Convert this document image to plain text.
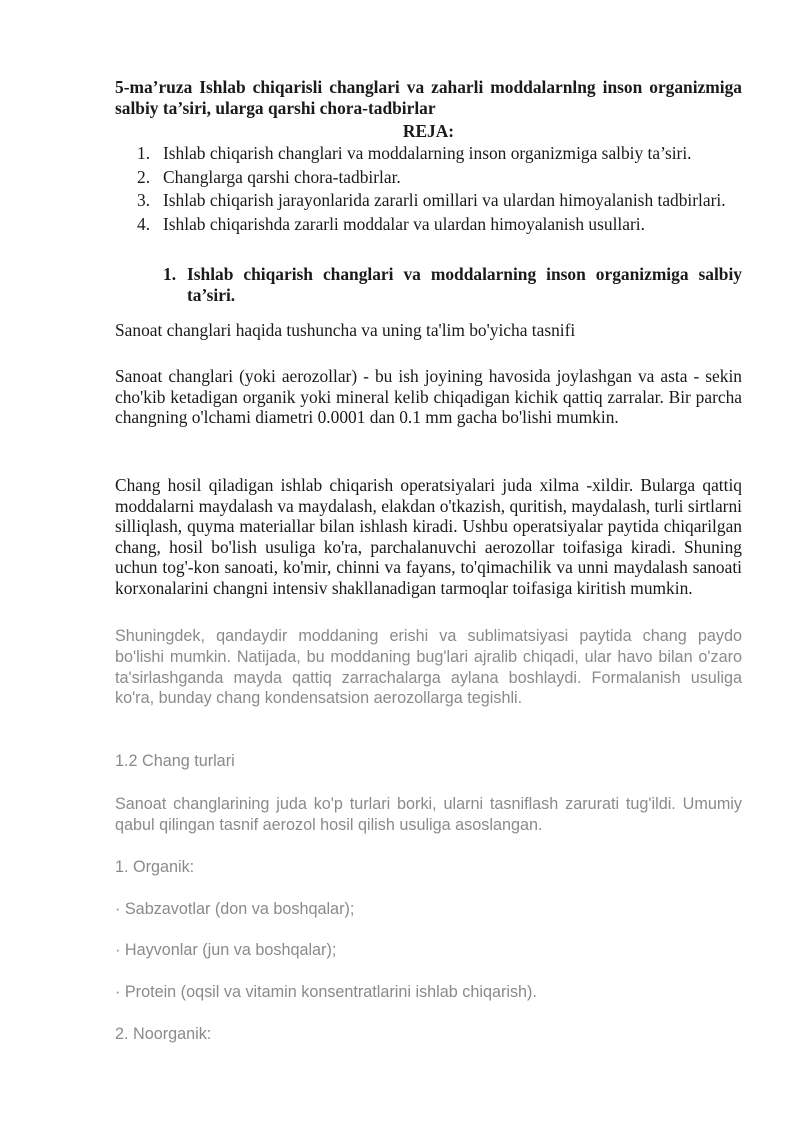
5-ma’ruza Ishlab chiqarisli changlari va zaharli moddalarnlng inson organizmiga salbiy ta’siri, ularga qarshi chora-tadbirlar

REJA:

1. Ishlab chiqarish changlari va moddalarning inson organizmiga salbiy ta’siri.
2. Changlarga qarshi chora-tadbirlar.
3. Ishlab chiqarish jarayonlarida zararli omillari va ulardan himoyalanish tadbirlari.
4. Ishlab chiqarishda zararli moddalar va ulardan himoyalanish usullari.

1. Ishlab chiqarish changlari va moddalarning inson organizmiga salbiy ta’siri.

Sanoat changlari haqida tushuncha va uning ta'lim bo'yicha tasnifi

Sanoat changlari (yoki aerozollar) - bu ish joyining havosida joylashgan va asta - sekin cho'kib ketadigan organik yoki mineral kelib chiqadigan kichik qattiq zarralar. Bir parcha changning o'lchami diametri 0.0001 dan 0.1 mm gacha bo'lishi mumkin.

Chang hosil qiladigan ishlab chiqarish operatsiyalari juda xilma -xildir. Bularga qattiq moddalarni maydalash va maydalash, elakdan o'tkazish, quritish, maydalash, turli sirtlarni silliqlash, quyma materiallar bilan ishlash kiradi. Ushbu operatsiyalar paytida chiqarilgan chang, hosil bo'lish usuliga ko'ra, parchalanuvchi aerozollar toifasiga kiradi. Shuning uchun tog'-kon sanoati, ko'mir, chinni va fayans, to'qimachilik va unni maydalash sanoati korxonalarini changni intensiv shakllanadigan tarmoqlar toifasiga kiritish mumkin.

Shuningdek, qandaydir moddaning erishi va sublimatsiyasi paytida chang paydo bo'lishi mumkin. Natijada, bu moddaning bug'lari ajralib chiqadi, ular havo bilan o'zaro ta'sirlashganda mayda qattiq zarrachalarga aylana boshlaydi. Formalanish usuliga ko'ra, bunday chang kondensatsion aerozollarga tegishli.

1.2 Chang turlari

Sanoat changlarining juda ko'p turlari borki, ularni tasniflash zarurati tug'ildi. Umumiy qabul qilingan tasnif aerozol hosil qilish usuliga asoslangan.

1. Organik:

· Sabzavotlar (don va boshqalar);

· Hayvonlar (jun va boshqalar);

· Protein (oqsil va vitamin konsentratlarini ishlab chiqarish).

2. Noorganik:
